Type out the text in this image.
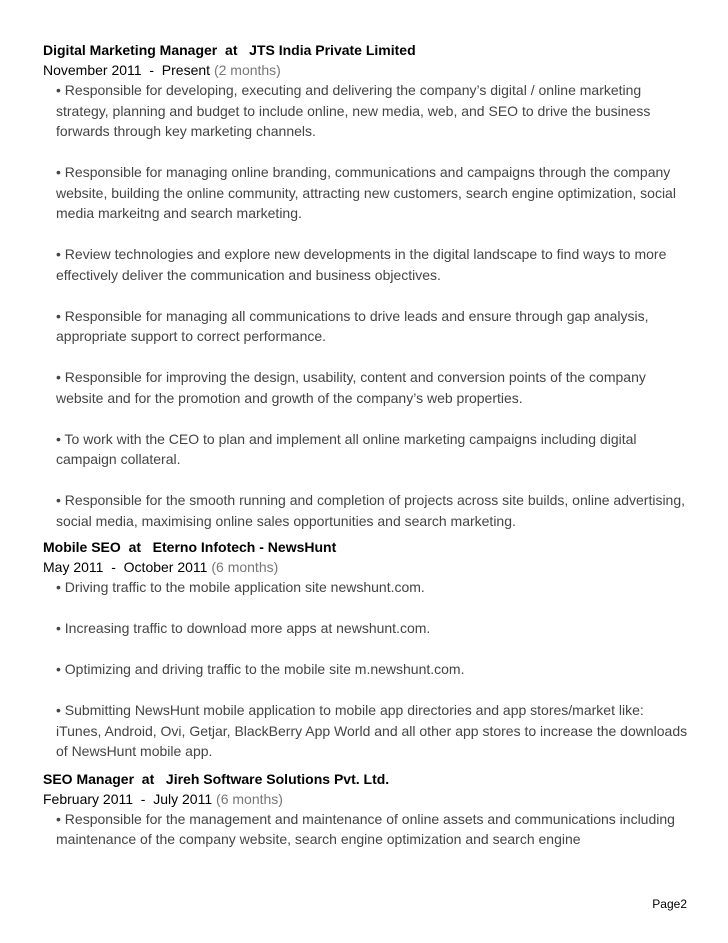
Digital Marketing Manager  at   JTS India Private Limited
November 2011  -  Present (2 months)

• Responsible for developing, executing and delivering the company’s digital / online marketing strategy, planning and budget to include online, new media, web, and SEO to drive the business forwards through key marketing channels.

• Responsible for managing online branding, communications and campaigns through the company website, building the online community, attracting new customers, search engine optimization, social media markeitng and search marketing.

• Review technologies and explore new developments in the digital landscape to find ways to more effectively deliver the communication and business objectives.

• Responsible for managing all communications to drive leads and ensure through gap analysis, appropriate support to correct performance.

• Responsible for improving the design, usability, content and conversion points of the company website and for the promotion and growth of the company’s web properties.

• To work with the CEO to plan and implement all online marketing campaigns including digital campaign collateral.

• Responsible for the smooth running and completion of projects across site builds, online advertising, social media, maximising online sales opportunities and search marketing.

Mobile SEO  at   Eterno Infotech - NewsHunt
May 2011  -  October 2011 (6 months)

• Driving traffic to the mobile application site newshunt.com.

• Increasing traffic to download more apps at newshunt.com.

• Optimizing and driving traffic to the mobile site m.newshunt.com.

• Submitting NewsHunt mobile application to mobile app directories and app stores/market like: iTunes, Android, Ovi, Getjar, BlackBerry App World and all other app stores to increase the downloads of NewsHunt mobile app.

SEO Manager  at   Jireh Software Solutions Pvt. Ltd.
February 2011  -  July 2011 (6 months)

• Responsible for the management and maintenance of online assets and communications including maintenance of the company website, search engine optimization and search engine

Page2
